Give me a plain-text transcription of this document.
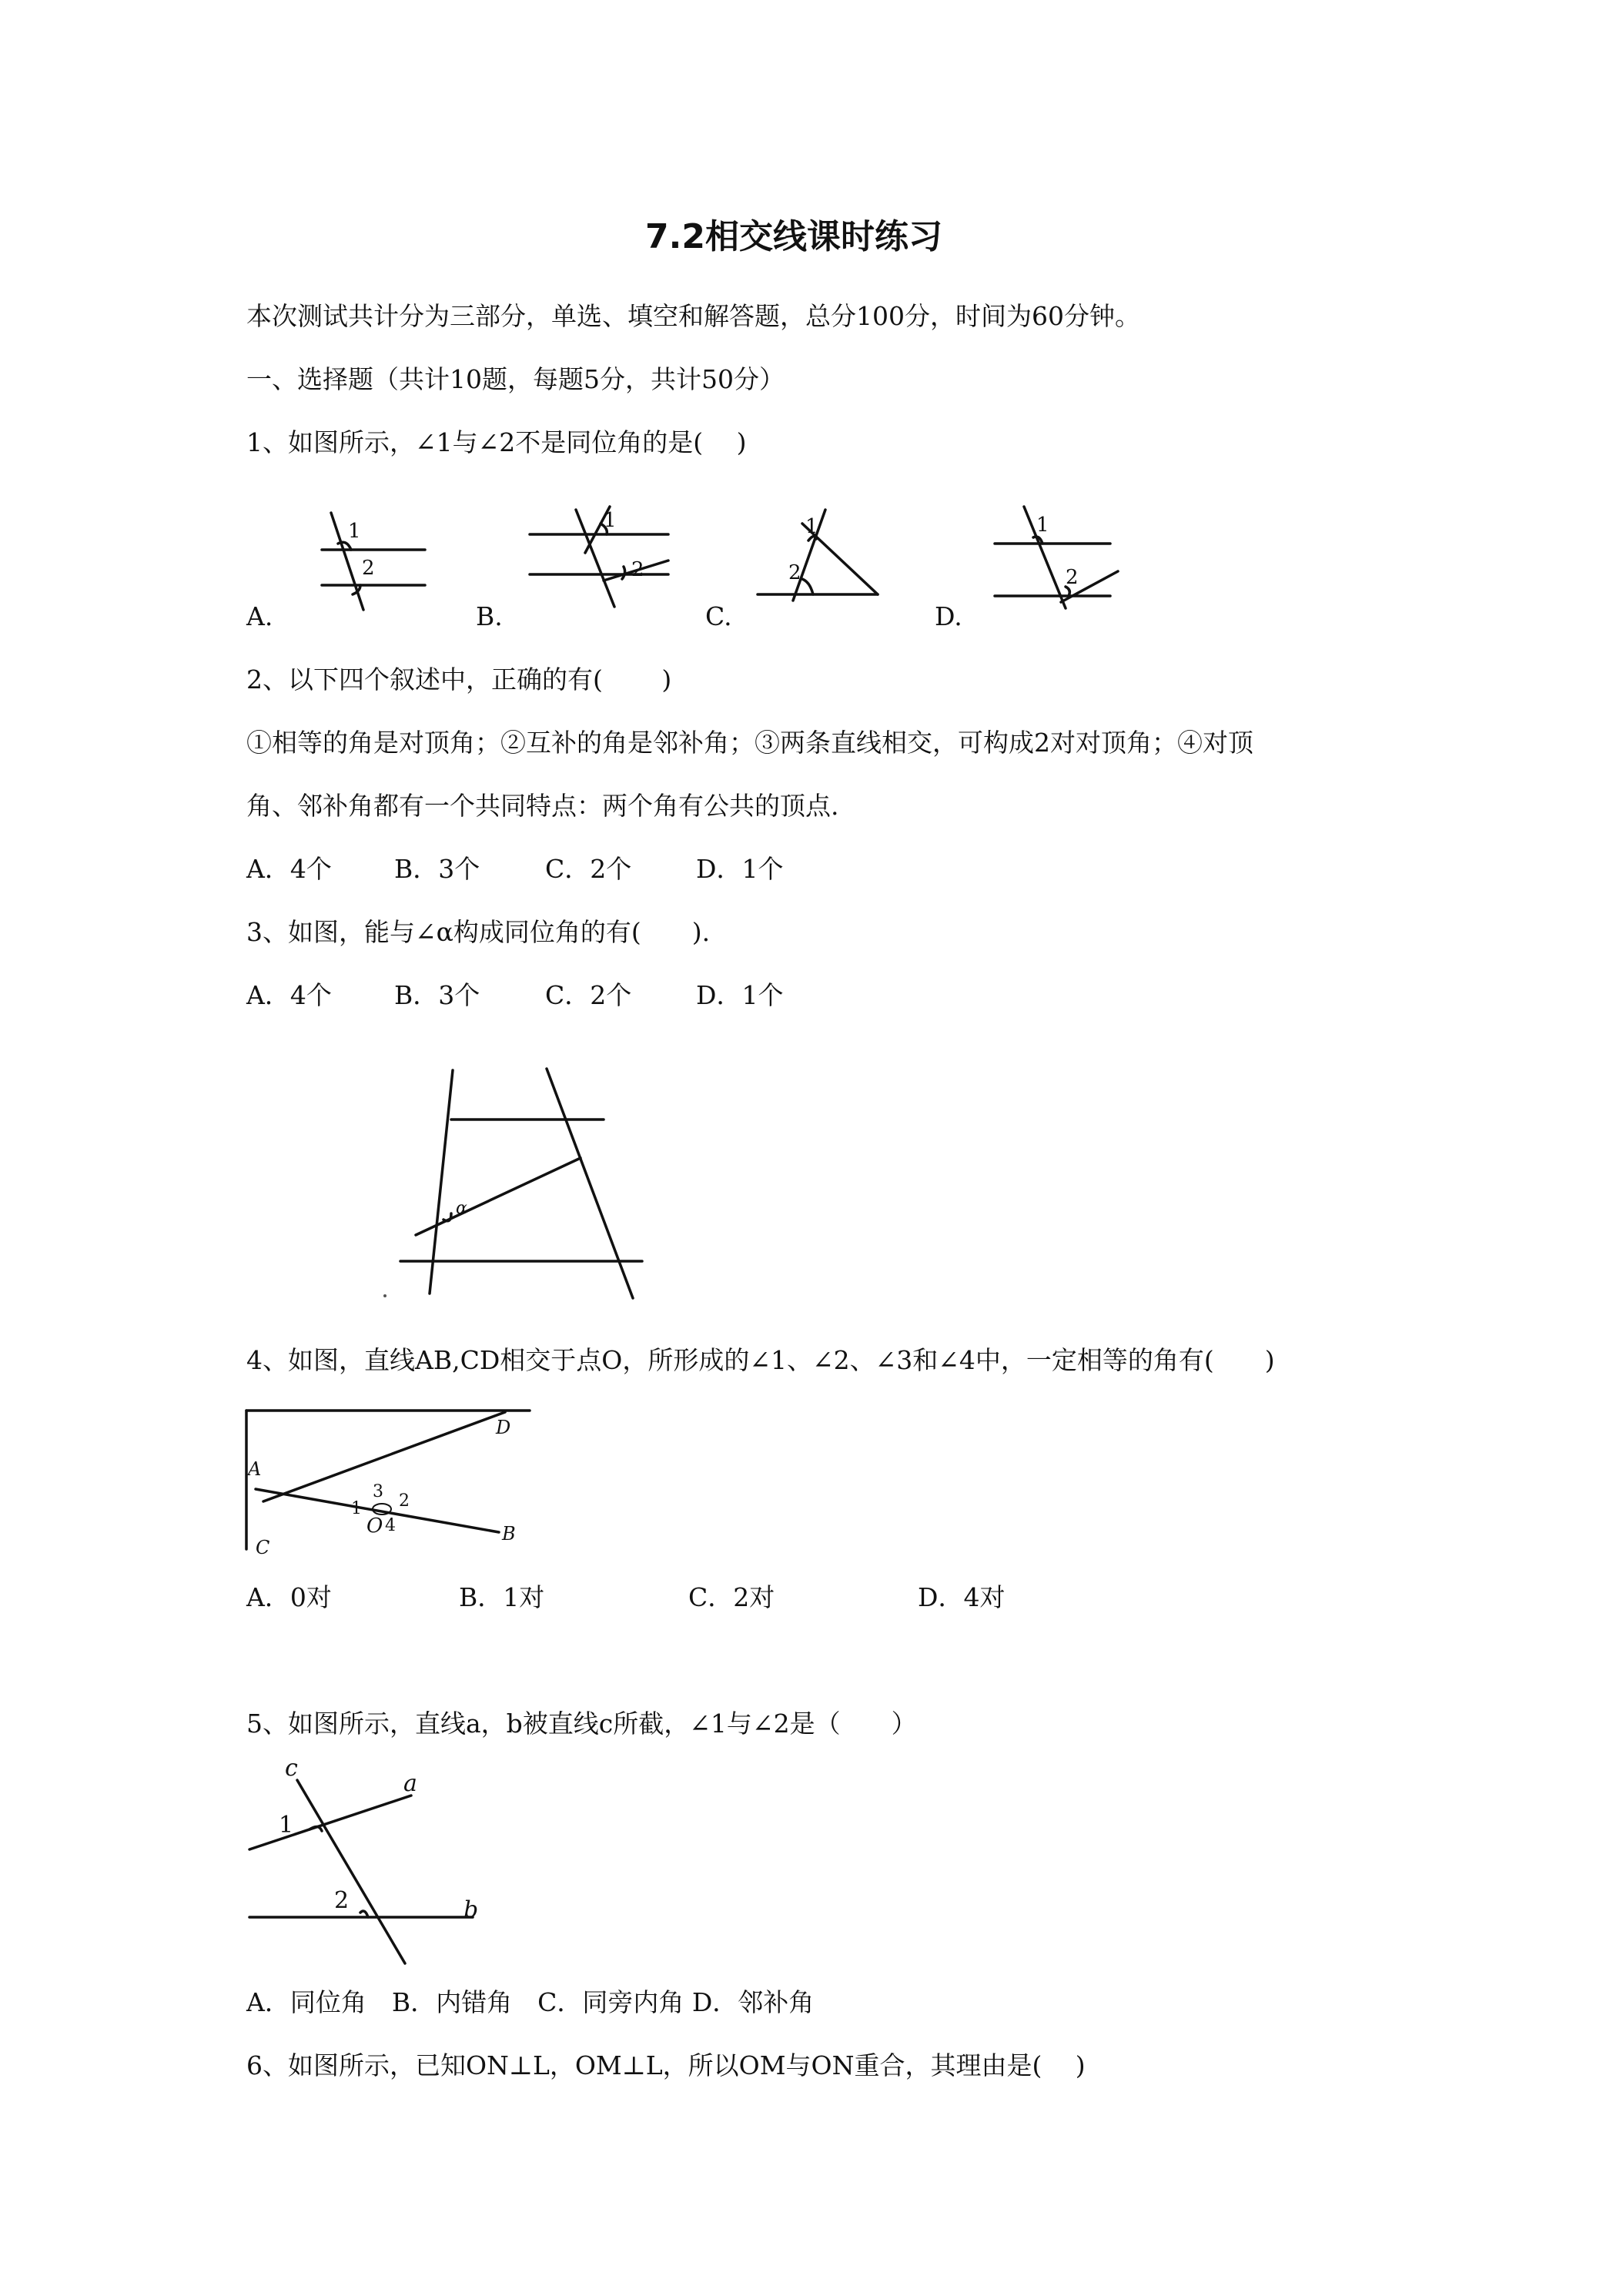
7.2相交线课时练习
本次测试共计分为三部分，单选、填空和解答题，总分100分，时间为60分钟。
一、选择题（共计10题，每题5分，共计50分）
1、如图所示，∠1与∠2不是同位角的是(　 )
A.	B.	C.	D.
1
2
1
2
1
2
1
2
2、以下四个叙述中，正确的有(　 　)
①相等的角是对顶角；②互补的角是邻补角；③两条直线相交，可构成2对对顶角；④对顶
角、邻补角都有一个共同特点：两个角有公共的顶点.
A．4个 B．3个	C．2个	D．1个
3、如图，能与∠α构成同位角的有(　　).
A．4个 B．3个	C．2个	D．1个
α
4、如图，直线AB,CD相交于点O，所形成的∠1、∠2、∠3和∠4中，一定相等的角有(　　)
D
A
B
C
O
1 2
3
4
A．0对	B．1对	C．2对	D．4对
5、如图所示，直线a，b被直线c所截，∠1与∠2是（　　）
c
a
b
1
2
A．同位角　B．内错角　C．同旁内角 D．邻补角
6、如图所示，已知ON⊥L，OM⊥L，所以OM与ON重合，其理由是(　 )
